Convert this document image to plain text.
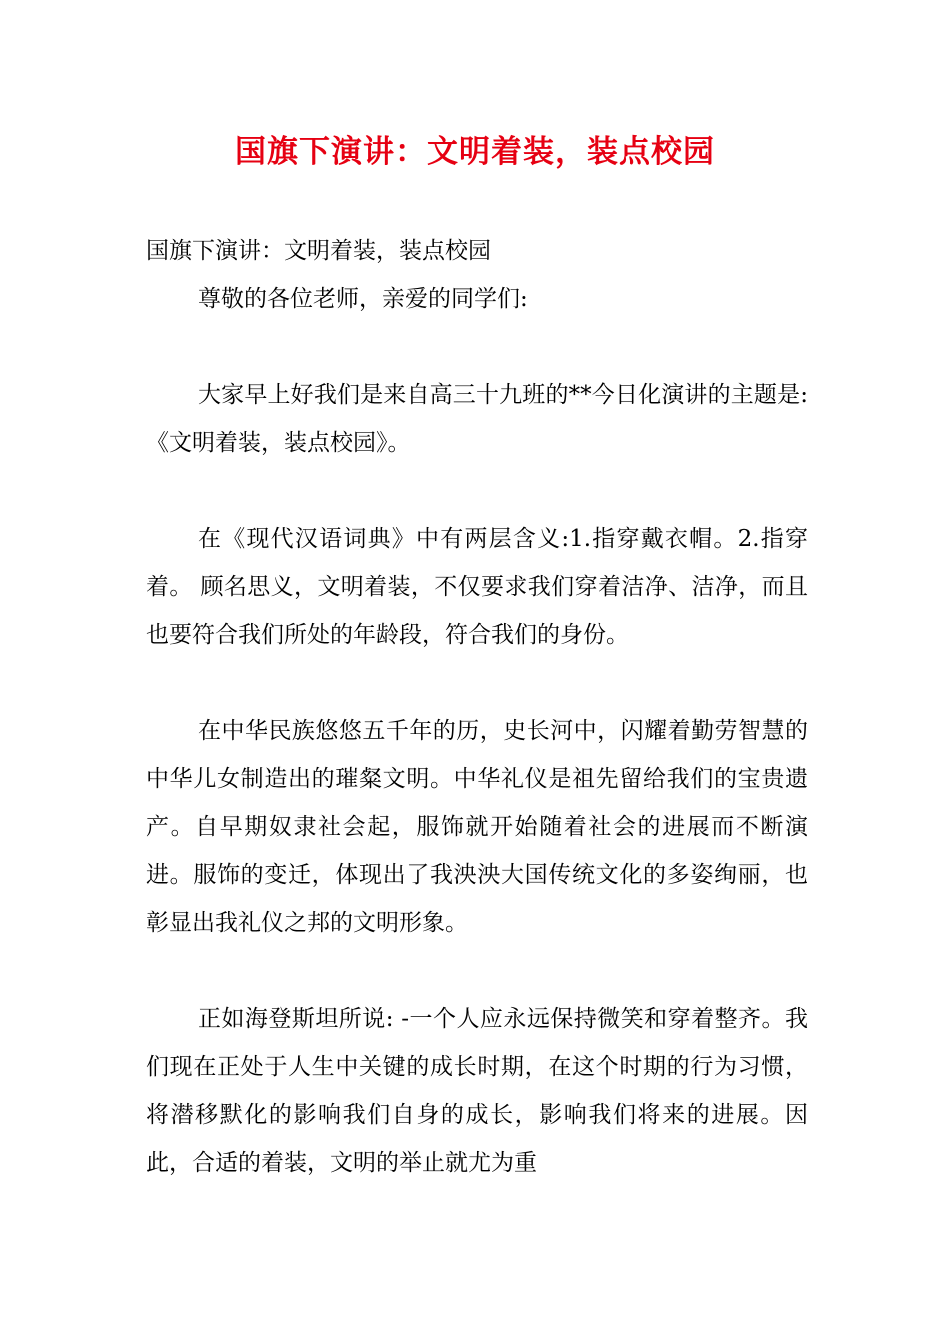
国旗下演讲：文明着装，装点校园

国旗下演讲：文明着装，装点校园

尊敬的各位老师，亲爱的同学们:

大家早上好我们是来自高三十九班的**今日化演讲的主题是: 《文明着装，装点校园》。

在《现代汉语词典》中有两层含义:1.指穿戴衣帽。2.指穿着。 顾名思义，文明着装，不仅要求我们穿着洁净、洁净，而且也要符合我们所处的年龄段，符合我们的身份。

在中华民族悠悠五千年的历，史长河中，闪耀着勤劳智慧的中华儿女制造出的璀粲文明。中华礼仪是祖先留给我们的宝贵遗产。自早期奴隶社会起，服饰就开始随着社会的进展而不断演进。服饰的变迁，体现出了我泱泱大国传统文化的多姿绚丽，也彰显出我礼仪之邦的文明形象。

正如海登斯坦所说: -一个人应永远保持微笑和穿着整齐。我们现在正处于人生中关键的成长时期，在这个时期的行为习惯，将潜移默化的影响我们自身的成长，影响我们将来的进展。因此，合适的着装，文明的举止就尤为重
